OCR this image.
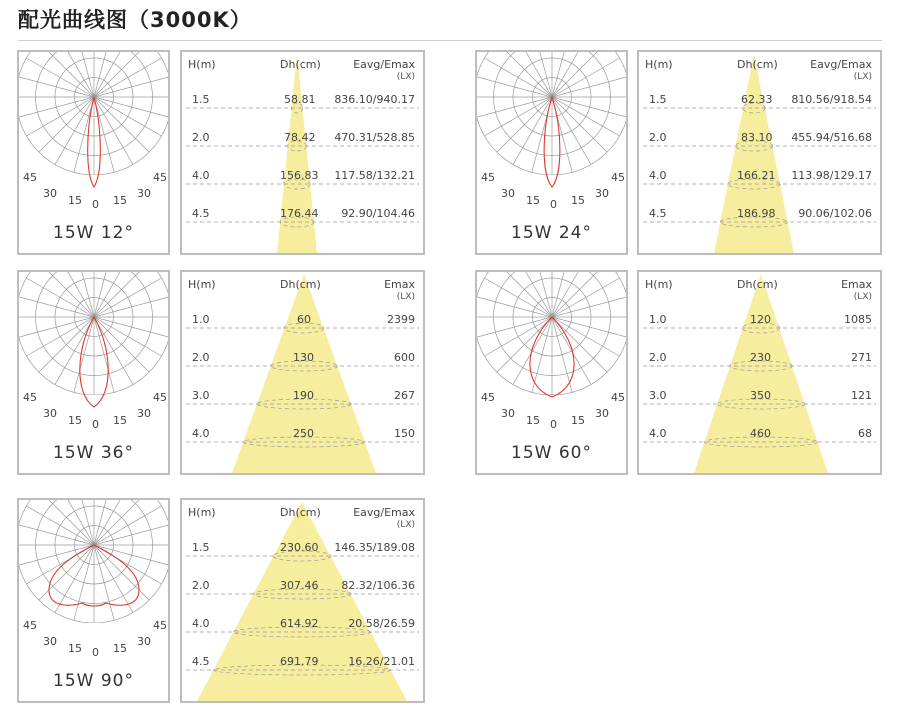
配光曲线图（3000K）
45
30
15 0 15
30
45
15W 12°
H(m)	Dh(cm)	Eavg/Emax
(LX)
1.5	58.81 836.10/940.17
2.0	78.42 470.31/528.85
4.0	156.83 117.58/132.21
4.5	176.44 92.90/104.46
45
30
15 0 15
30
45
15W 24°
H(m)	Dh(cm)	Eavg/Emax
(LX)
1.5	62.33 810.56/918.54
2.0	83.10 455.94/516.68
4.0	166.21 113.98/129.17
4.5	186.98 90.06/102.06
45
30
15 0 15
30
45
15W 36°
H(m)	Dh(cm)	Emax
(LX)
1.0	60	2399
2.0	130	600
3.0	190	267
4.0	250	150
45
30
15 0 15
30
45
15W 60°
H(m)	Dh(cm)	Emax
(LX)
1.0	120	1085
2.0	230	271
3.0	350	121
4.0	460	68
45
30
15 0 15
30
45
15W 90°
H(m)	Dh(cm)	Eavg/Emax
(LX)
1.5	230.60 146.35/189.08
2.0	307.46 82.32/106.36
4.0	614.92	20.58/26.59
4.5	691.79	16.26/21.01
